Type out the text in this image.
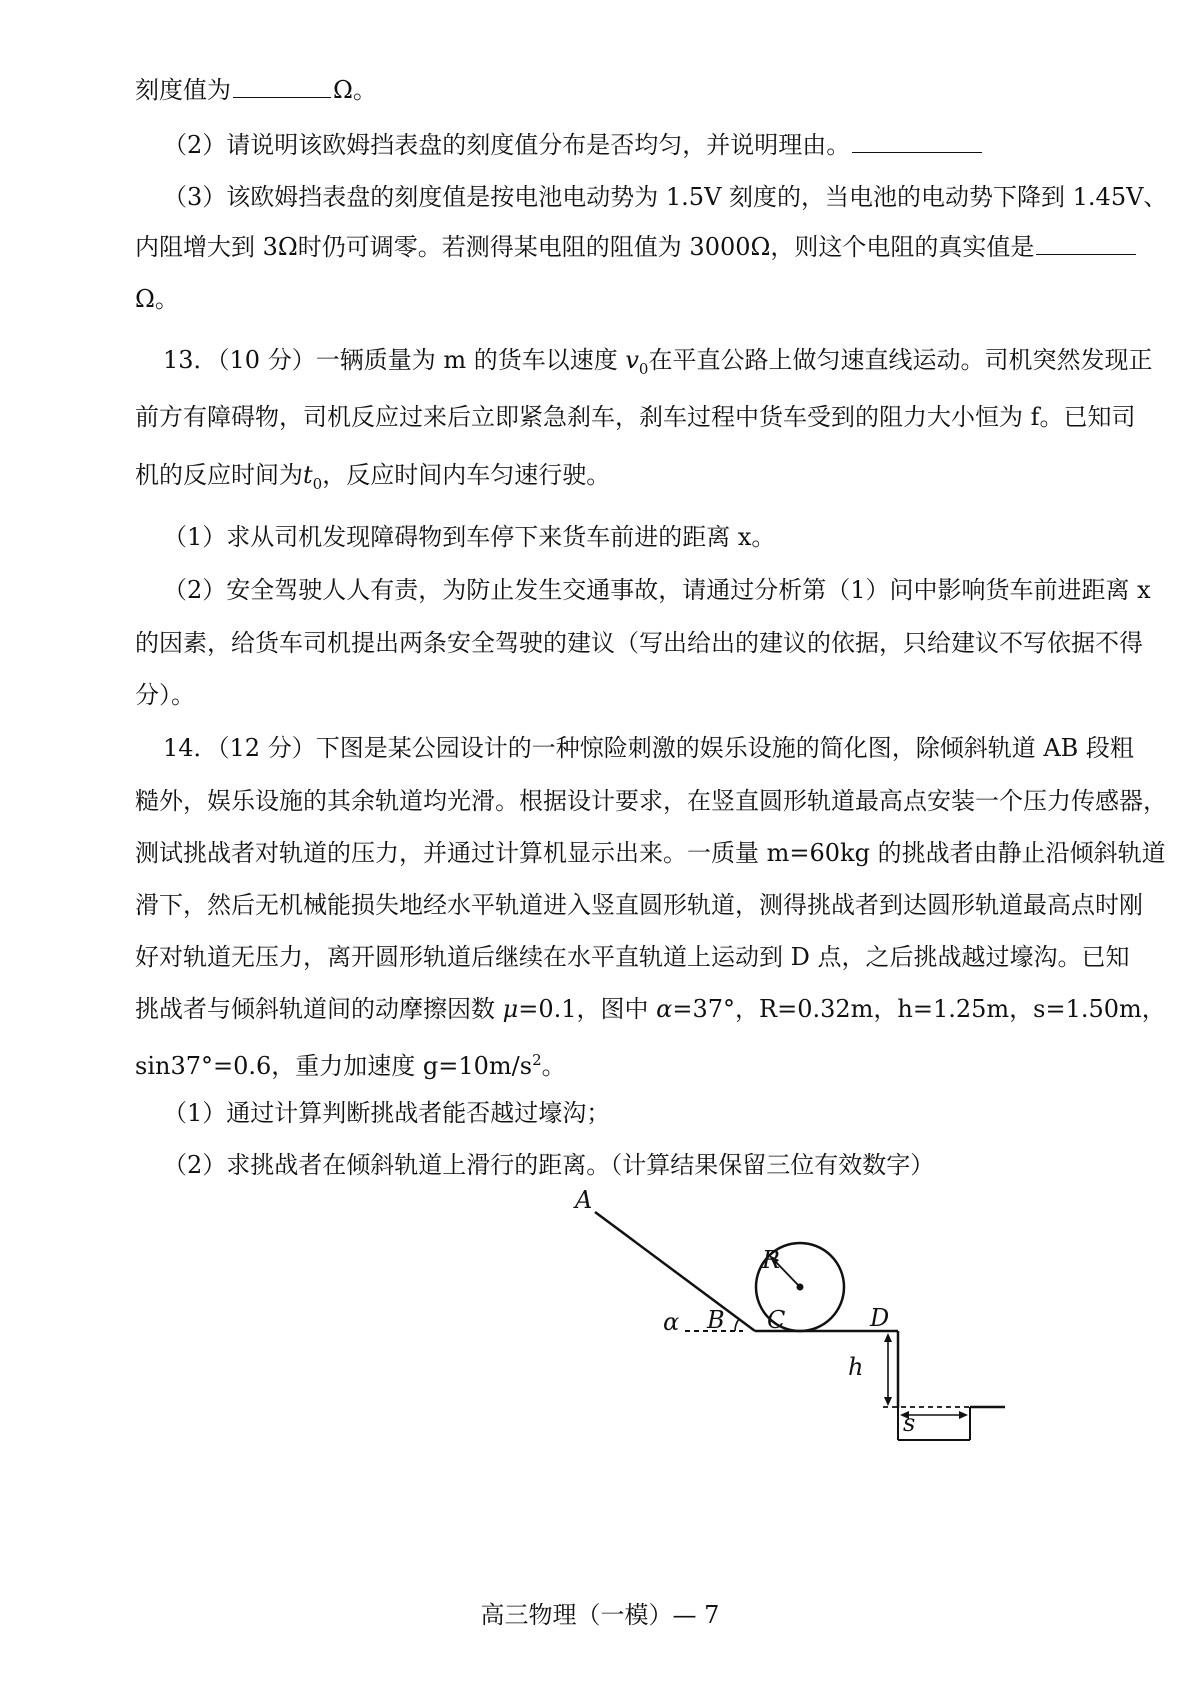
刻度值为	Ω。
（2）请说明该欧姆挡表盘的刻度值分布是否均匀，并说明理由。
（3）该欧姆挡表盘的刻度值是按电池电动势为 1.5V 刻度的，当电池的电动势下降到 1.45V、
内阻增大到 3Ω时仍可调零。若测得某电阻的阻值为 3000Ω，则这个电阻的真实值是
Ω。
13．（10 分）一辆质量为 m 的货车以速度 $v_0$在平直公路上做匀速直线运动。司机突然发现正
前方有障碍物，司机反应过来后立即紧急刹车，刹车过程中货车受到的阻力大小恒为 f。已知司
机的反应时间为$t_0$，反应时间内车匀速行驶。
（1）求从司机发现障碍物到车停下来货车前进的距离 x。
（2）安全驾驶人人有责，为防止发生交通事故，请通过分析第（1）问中影响货车前进距离 x
的因素，给货车司机提出两条安全驾驶的建议（写出给出的建议的依据，只给建议不写依据不得
分）。
14．（12 分）下图是某公园设计的一种惊险刺激的娱乐设施的简化图，除倾斜轨道 AB 段粗
糙外，娱乐设施的其余轨道均光滑。根据设计要求，在竖直圆形轨道最高点安装一个压力传感器，
测试挑战者对轨道的压力，并通过计算机显示出来。一质量 m=60kg 的挑战者由静止沿倾斜轨道
滑下，然后无机械能损失地经水平轨道进入竖直圆形轨道，测得挑战者到达圆形轨道最高点时刚
好对轨道无压力，离开圆形轨道后继续在水平直轨道上运动到 D 点，之后挑战越过壕沟。已知
挑战者与倾斜轨道间的动摩擦因数 μ=0.1，图中 α=37°，R=0.32m，h=1.25m，s=1.50m，
sin37°=0.6，重力加速度 $g=10m/s^2$。
（1）通过计算判断挑战者能否越过壕沟；
（2）求挑战者在倾斜轨道上滑行的距离。（计算结果保留三位有效数字）
A
B C	D
R
α
h
s
高三物理（一模）— 7
